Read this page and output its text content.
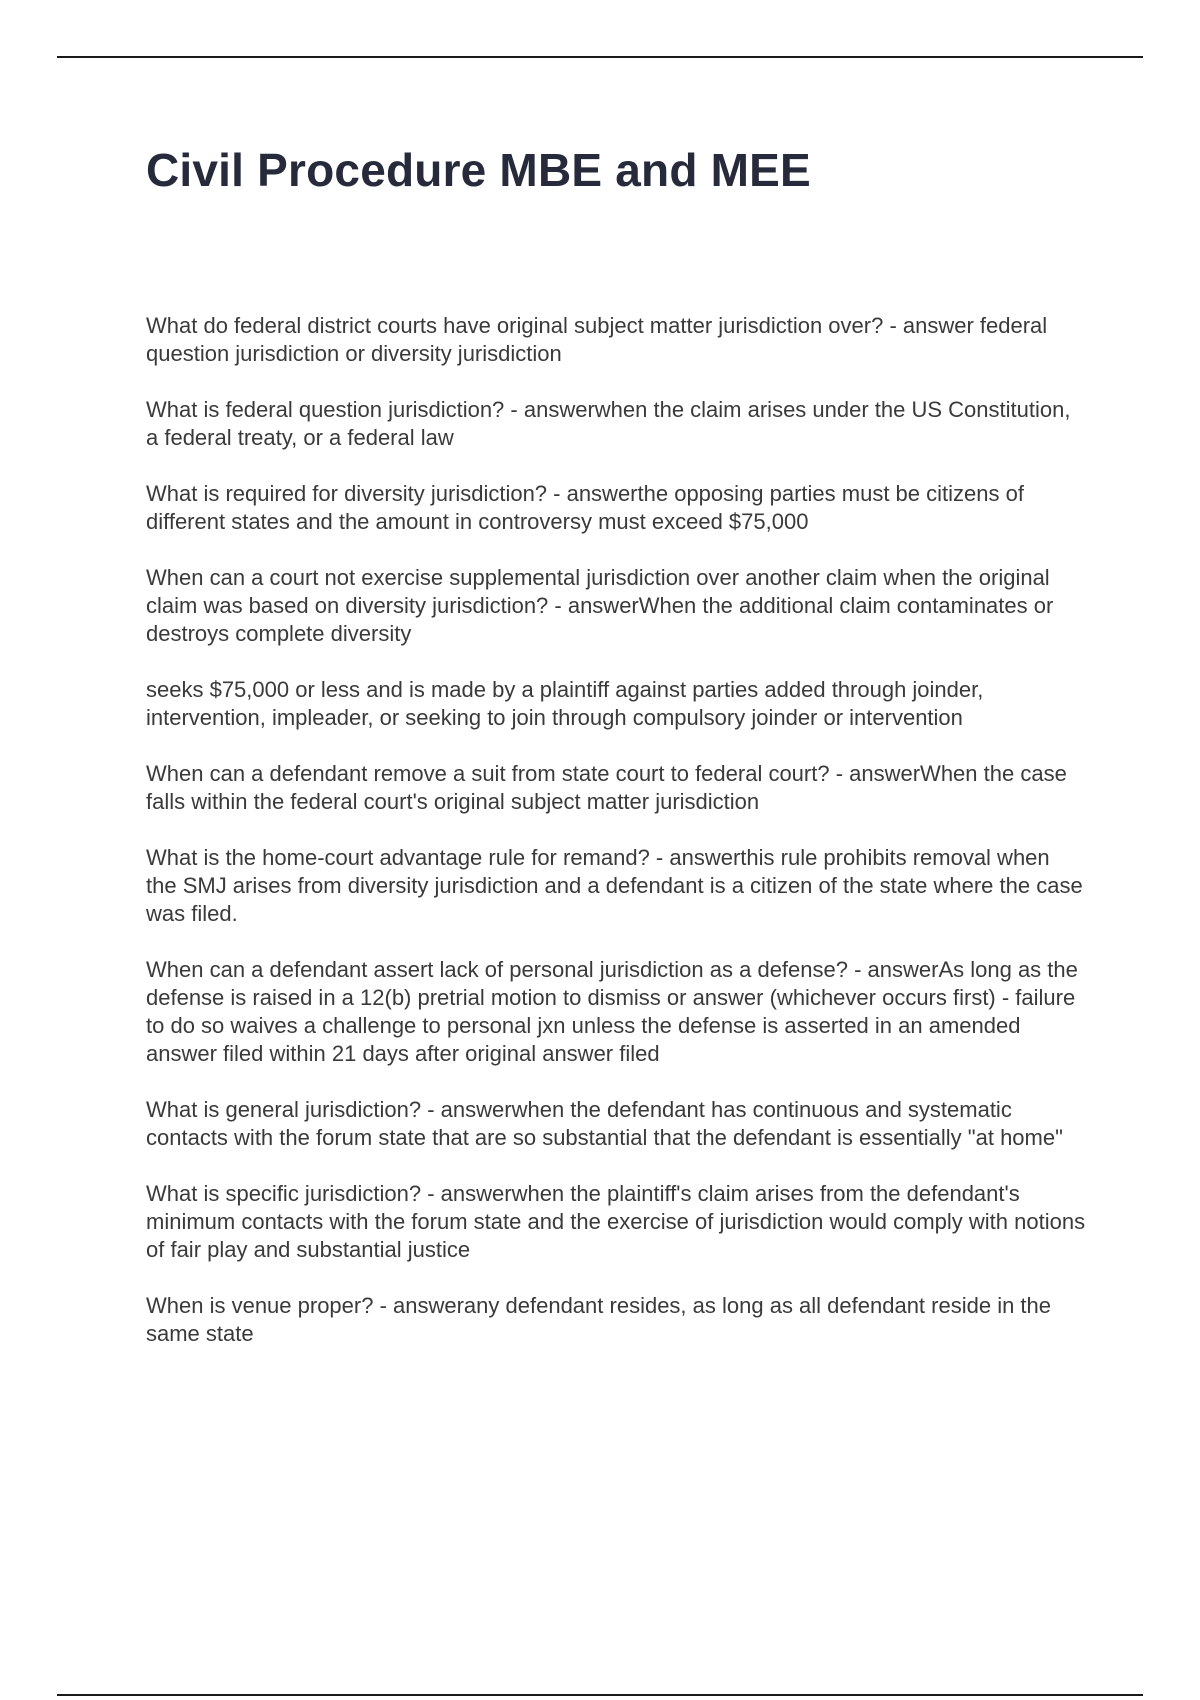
Civil Procedure MBE and MEE

What do federal district courts have original subject matter jurisdiction over? - answer federal question jurisdiction or diversity jurisdiction

What is federal question jurisdiction? - answerwhen the claim arises under the US Constitution, a federal treaty, or a federal law

What is required for diversity jurisdiction? - answerthe opposing parties must be citizens of different states and the amount in controversy must exceed $75,000

When can a court not exercise supplemental jurisdiction over another claim when the original claim was based on diversity jurisdiction? - answerWhen the additional claim contaminates or destroys complete diversity

seeks $75,000 or less and is made by a plaintiff against parties added through joinder, intervention, impleader, or seeking to join through compulsory joinder or intervention

When can a defendant remove a suit from state court to federal court? - answerWhen the case falls within the federal court's original subject matter jurisdiction

What is the home-court advantage rule for remand? - answerthis rule prohibits removal when the SMJ arises from diversity jurisdiction and a defendant is a citizen of the state where the case was filed.

When can a defendant assert lack of personal jurisdiction as a defense? - answerAs long as the defense is raised in a 12(b) pretrial motion to dismiss or answer (whichever occurs first) - failure to do so waives a challenge to personal jxn unless the defense is asserted in an amended answer filed within 21 days after original answer filed

What is general jurisdiction? - answerwhen the defendant has continuous and systematic contacts with the forum state that are so substantial that the defendant is essentially "at home"

What is specific jurisdiction? - answerwhen the plaintiff's claim arises from the defendant's minimum contacts with the forum state and the exercise of jurisdiction would comply with notions of fair play and substantial justice

When is venue proper? - answerany defendant resides, as long as all defendant reside in the same state
